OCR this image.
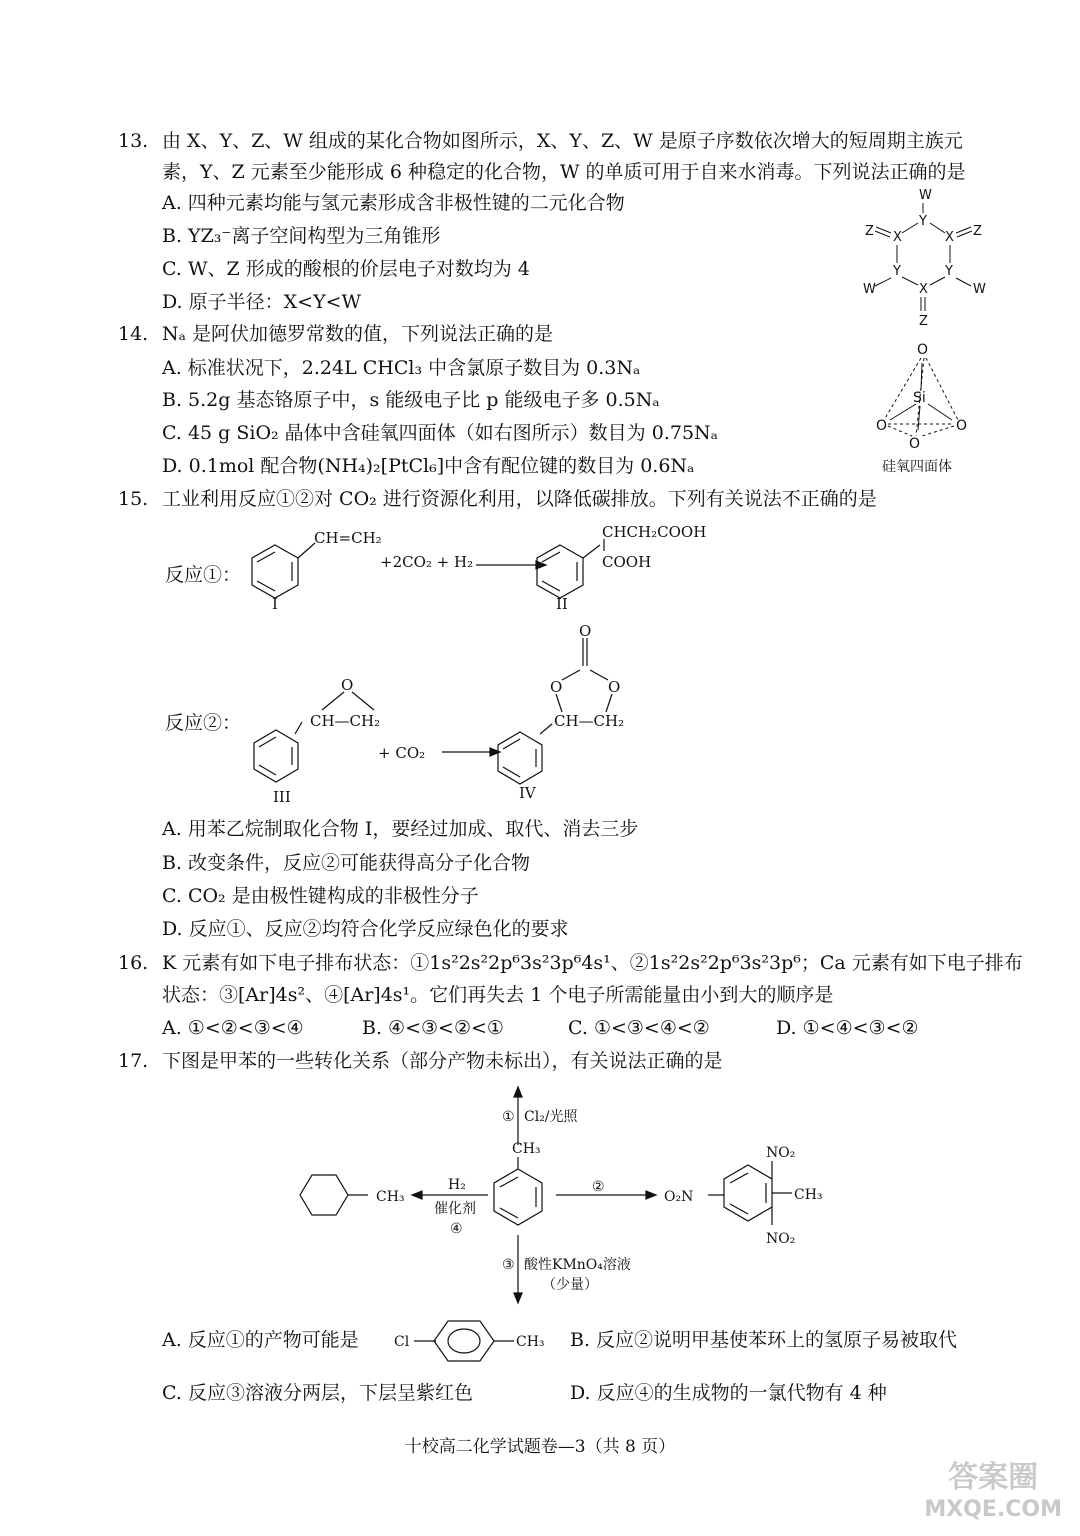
13. 由 X、Y、Z、W 组成的某化合物如图所示，X、Y、Z、W 是原子序数依次增大的短周期主族元
素，Y、Z 元素至少能形成 6 种稳定的化合物，W 的单质可用于自来水消毒。下列说法正确的是
A. 四种元素均能与氢元素形成含非极性键的二元化合物
B. YZ₃⁻离子空间构型为三角锥形
C. W、Z 形成的酸根的价层电子对数均为 4
D. 原子半径：X<Y<W
W
Y
X	X
Z	Z
Y	Y
W	W
X
Z
14. Nₐ 是阿伏加德罗常数的值，下列说法正确的是
A. 标准状况下，2.24L CHCl₃ 中含氯原子数目为 0.3Nₐ
B. 5.2g 基态铬原子中，s 能级电子比 p 能级电子多 0.5Nₐ
C. 45 g SiO₂ 晶体中含硅氧四面体（如右图所示）数目为 0.75Nₐ
D. 0.1mol 配合物(NH₄)₂[PtCl₆]中含有配位键的数目为 0.6Nₐ
O
Si
O	O
O
硅氧四面体
15. 工业利用反应①②对 CO₂ 进行资源化利用，以降低碳排放。下列有关说法不正确的是
反应①：
CH=CH₂
+2CO₂ + H₂
CHCH₂COOH
COOH
I	II
反应②：
O
CH—CH₂
+ CO₂
III
O
O	O
CH—CH₂
IV
A. 用苯乙烷制取化合物 I，要经过加成、取代、消去三步
B. 改变条件，反应②可能获得高分子化合物
C. CO₂ 是由极性键构成的非极性分子
D. 反应①、反应②均符合化学反应绿色化的要求
16. K 元素有如下电子排布状态：①1s²2s²2p⁶3s²3p⁶4s¹、②1s²2s²2p⁶3s²3p⁶；Ca 元素有如下电子排布
状态：③[Ar]4s²、④[Ar]4s¹。它们再失去 1 个电子所需能量由小到大的顺序是
A. ①<②<③<④	B. ④<③<②<①	C. ①<③<④<②	D. ①<④<③<②
17. 下图是甲苯的一些转化关系（部分产物未标出），有关说法正确的是
① Cl₂/光照
CH₃
②
NO₂
O₂N	CH₃
NO₂
H₂
催化剂
④
CH₃
③ 酸性KMnO₄溶液
（少量）
A. 反应①的产物可能是	Cl	CH₃ B. 反应②说明甲基使苯环上的氢原子易被取代
C. 反应③溶液分两层，下层呈紫红色	D. 反应④的生成物的一氯代物有 4 种
十校高二化学试题卷—3（共 8 页）
答案圈
MXQE.COM
